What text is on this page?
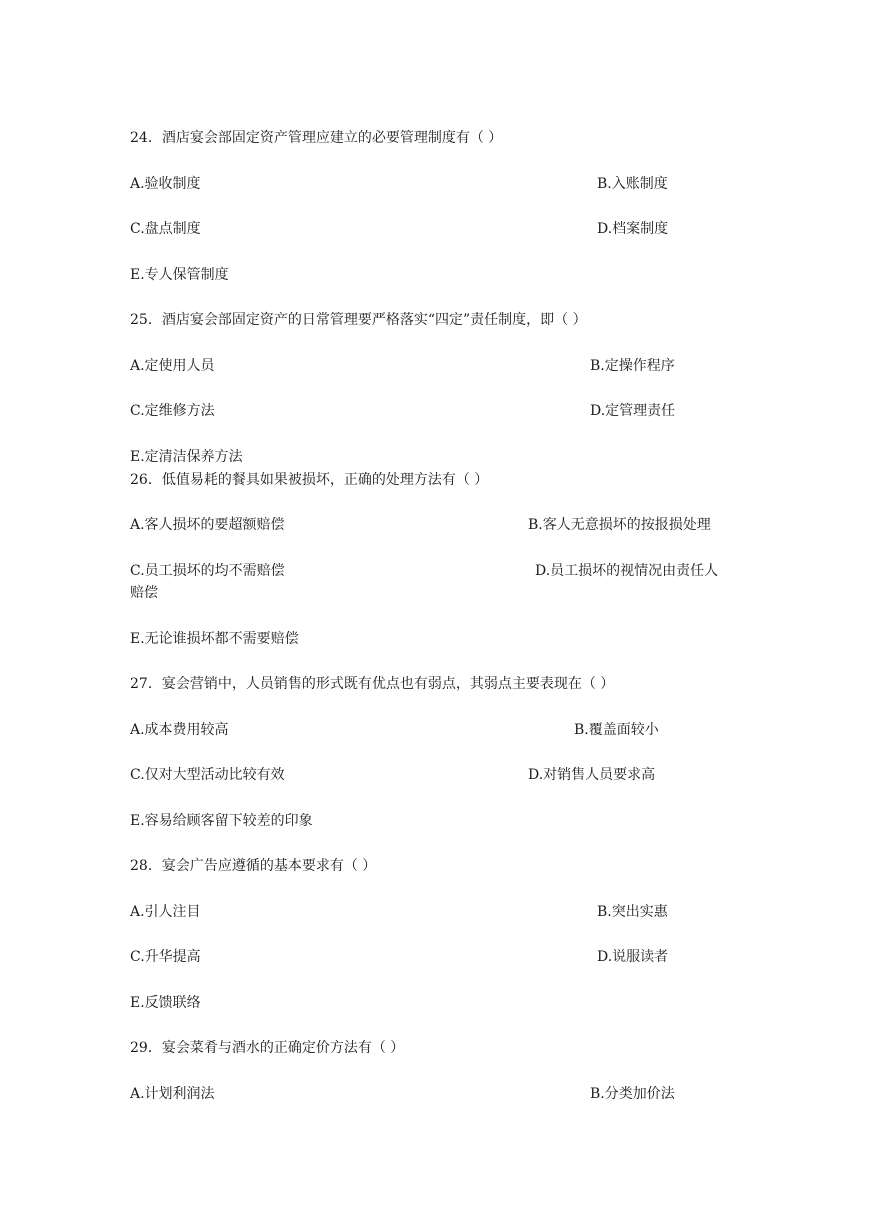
24．酒店宴会部固定资产管理应建立的必要管理制度有（ ）
A.验收制度	B.入账制度
C.盘点制度	D.档案制度
E.专人保管制度
25．酒店宴会部固定资产的日常管理要严格落实“四定”责任制度，即（ ）
A.定使用人员	B.定操作程序
C.定维修方法	D.定管理责任
E.定清洁保养方法
26．低值易耗的餐具如果被损坏，正确的处理方法有（ ）
A.客人损坏的要超额赔偿	B.客人无意损坏的按报损处理
C.员工损坏的均不需赔偿	D.员工损坏的视情况由责任人
赔偿
E.无论谁损坏都不需要赔偿
27．宴会营销中，人员销售的形式既有优点也有弱点，其弱点主要表现在（ ）
A.成本费用较高	B.覆盖面较小
C.仅对大型活动比较有效	D.对销售人员要求高
E.容易给顾客留下较差的印象
28．宴会广告应遵循的基本要求有（ ）
A.引人注目	B.突出实惠
C.升华提高	D.说服读者
E.反馈联络
29．宴会菜肴与酒水的正确定价方法有（ ）
A.计划利润法	B.分类加价法
